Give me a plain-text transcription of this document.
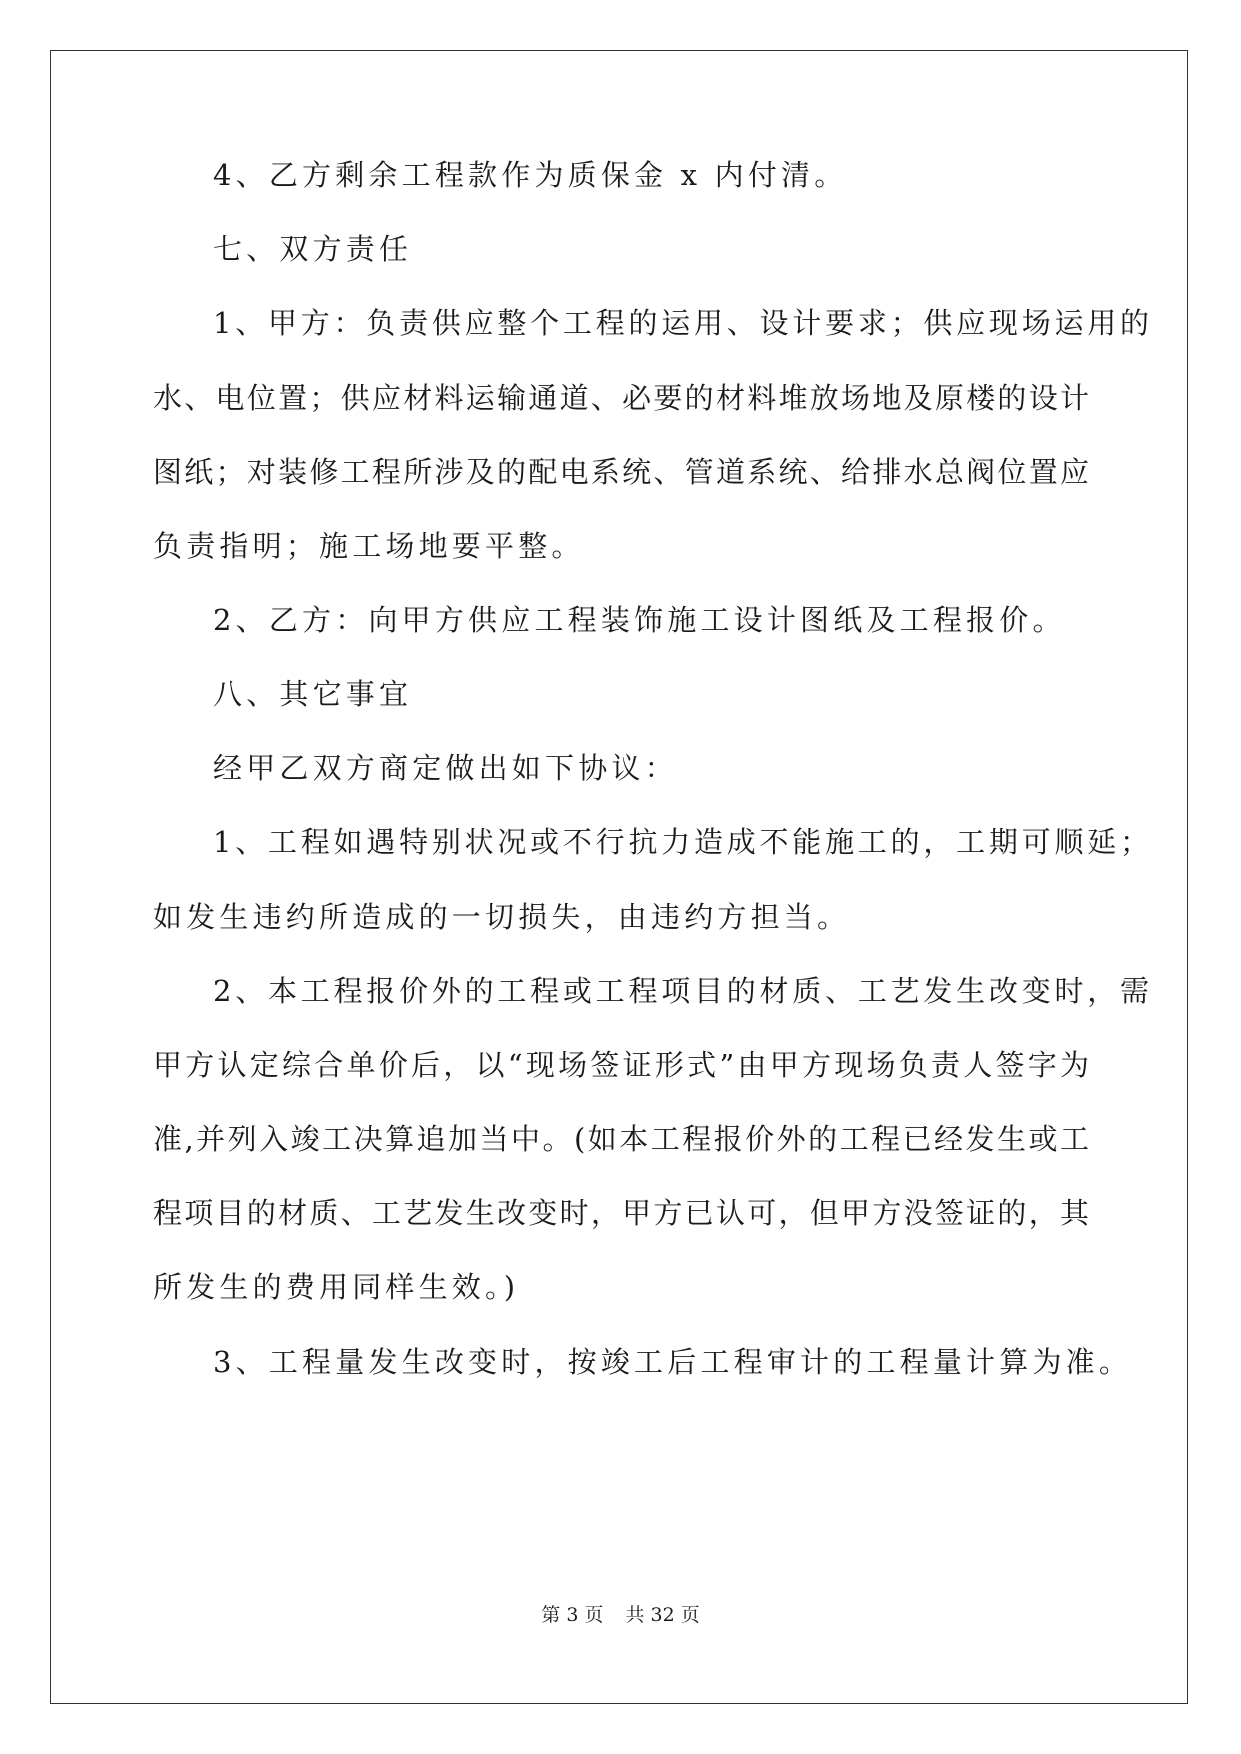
4、乙方剩余工程款作为质保金 x 内付清。
七、双方责任
1、甲方：负责供应整个工程的运用、设计要求；供应现场运用的
水、电位置；供应材料运输通道、必要的材料堆放场地及原楼的设计
图纸；对装修工程所涉及的配电系统、管道系统、给排水总阀位置应
负责指明；施工场地要平整。
2、乙方：向甲方供应工程装饰施工设计图纸及工程报价。
八、其它事宜
经甲乙双方商定做出如下协议：
1、工程如遇特别状况或不行抗力造成不能施工的，工期可顺延；
如发生违约所造成的一切损失，由违约方担当。
2、本工程报价外的工程或工程项目的材质、工艺发生改变时，需
甲方认定综合单价后，以“现场签证形式”由甲方现场负责人签字为
准,并列入竣工决算追加当中。(如本工程报价外的工程已经发生或工
程项目的材质、工艺发生改变时，甲方已认可，但甲方没签证的，其
所发生的费用同样生效。)
3、工程量发生改变时，按竣工后工程审计的工程量计算为准。
第 3 页 共 32 页
